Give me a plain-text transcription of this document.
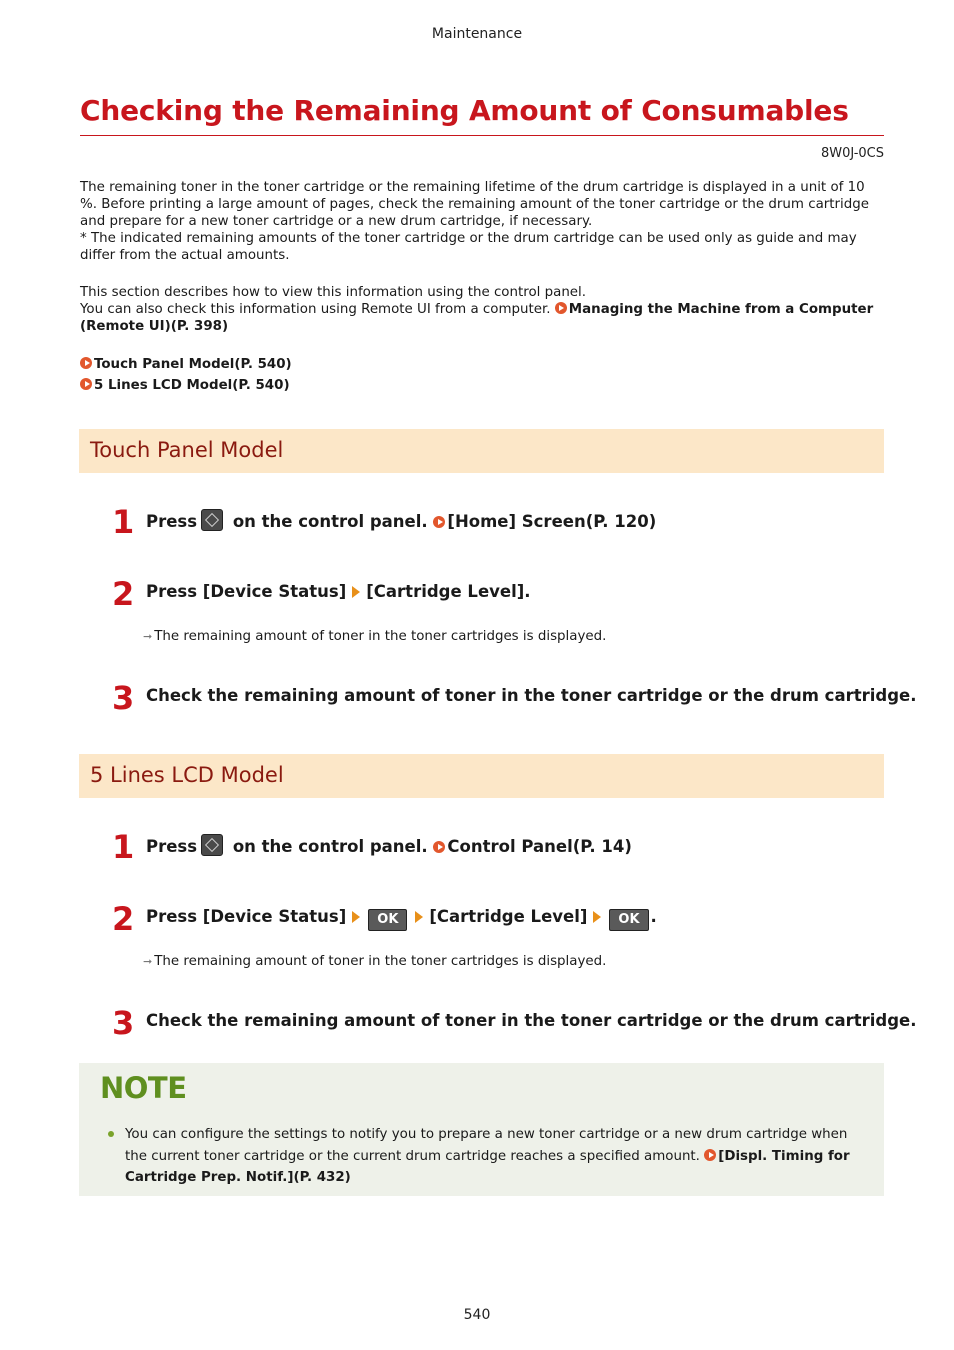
Maintenance
Checking the Remaining Amount of Consumables
8W0J-0CS

The remaining toner in the toner cartridge or the remaining lifetime of the drum cartridge is displayed in a unit of 10 %. Before printing a large amount of pages, check the remaining amount of the toner cartridge or the drum cartridge and prepare for a new toner cartridge or a new drum cartridge, if necessary.

* The indicated remaining amounts of the toner cartridge or the drum cartridge can be used only as guide and may differ from the actual amounts.

This section describes how to view this information using the control panel.

You can also check this information using Remote UI from a computer. Managing the Machine from a Computer (Remote UI)(P. 398)

Touch Panel Model(P. 540)
5 Lines LCD Model(P. 540)
Touch Panel Model
1 Press on the control panel. [Home] Screen(P. 120)
2 Press [Device Status] [Cartridge Level].
➞ The remaining amount of toner in the toner cartridges is displayed.
3 Check the remaining amount of toner in the toner cartridge or the drum cartridge.
5 Lines LCD Model
1 Press on the control panel. Control Panel(P. 14)
2 Press [Device Status] OK [Cartridge Level] OK .
➞ The remaining amount of toner in the toner cartridges is displayed.
3 Check the remaining amount of toner in the toner cartridge or the drum cartridge.
NOTE
You can configure the settings to notify you to prepare a new toner cartridge or a new drum cartridge when the current toner cartridge or the current drum cartridge reaches a specified amount. [Displ. Timing for Cartridge Prep. Notif.](P. 432)
540
